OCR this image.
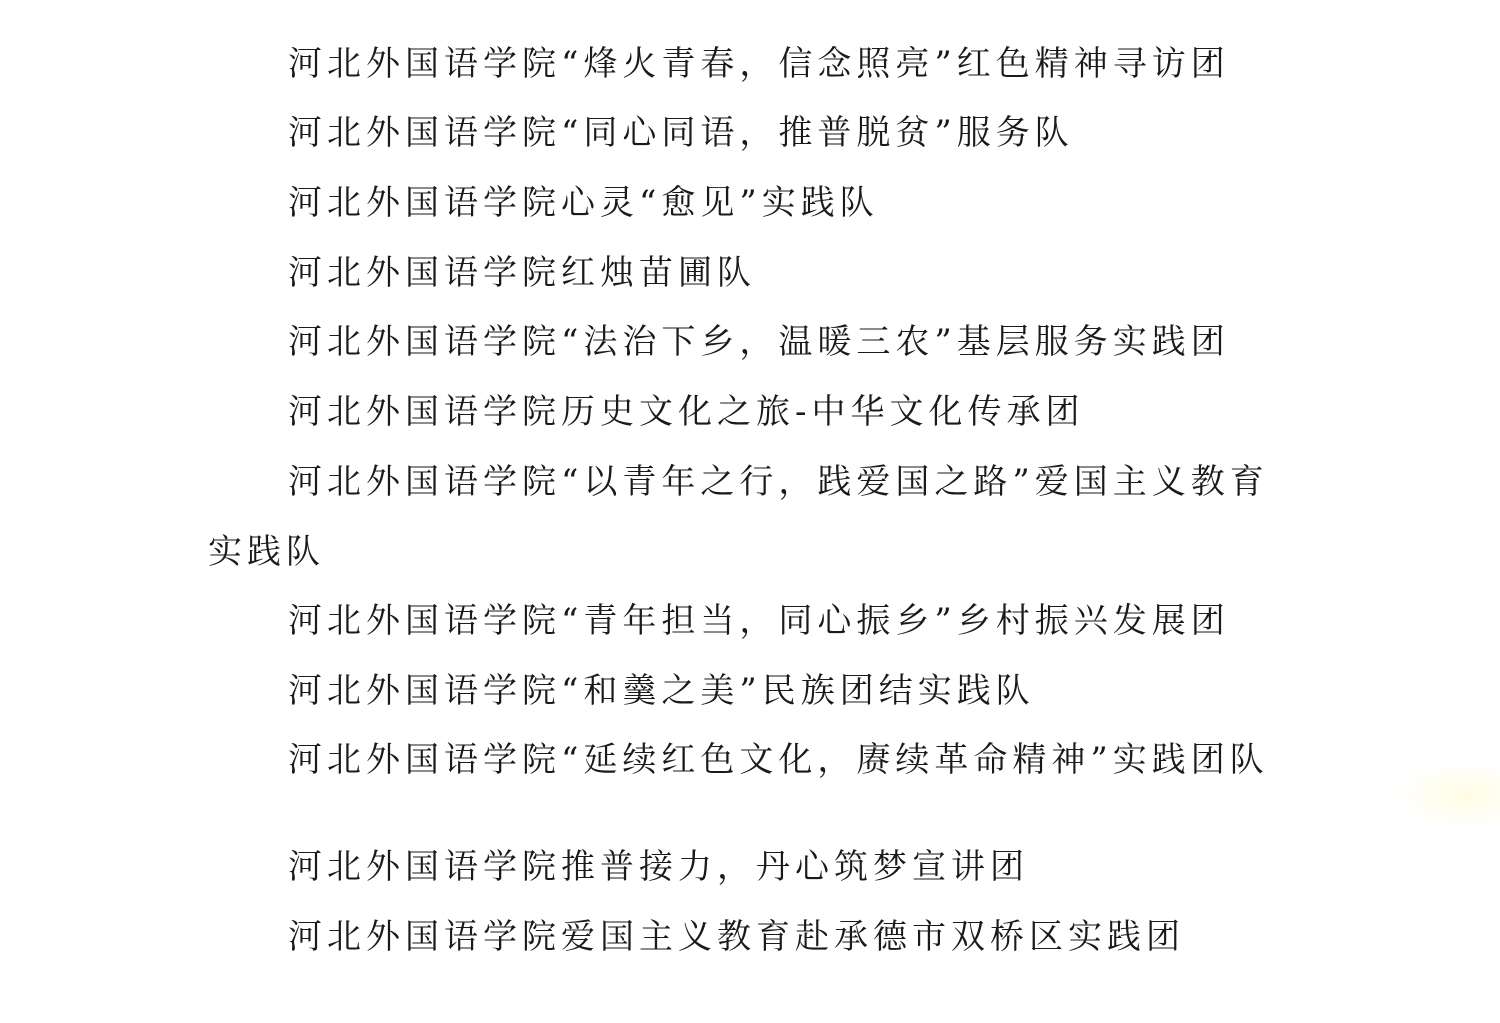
河北外国语学院“烽火青春，信念照亮”红色精神寻访团
河北外国语学院“同心同语，推普脱贫”服务队
河北外国语学院心灵“愈见”实践队
河北外国语学院红烛苗圃队
河北外国语学院“法治下乡，温暖三农”基层服务实践团
河北外国语学院历史文化之旅-中华文化传承团
河北外国语学院“以青年之行，践爱国之路”爱国主义教育
实践队
河北外国语学院“青年担当，同心振乡”乡村振兴发展团
河北外国语学院“和羹之美”民族团结实践队
河北外国语学院“延续红色文化，赓续革命精神”实践团队
河北外国语学院推普接力，丹心筑梦宣讲团
河北外国语学院爱国主义教育赴承德市双桥区实践团
